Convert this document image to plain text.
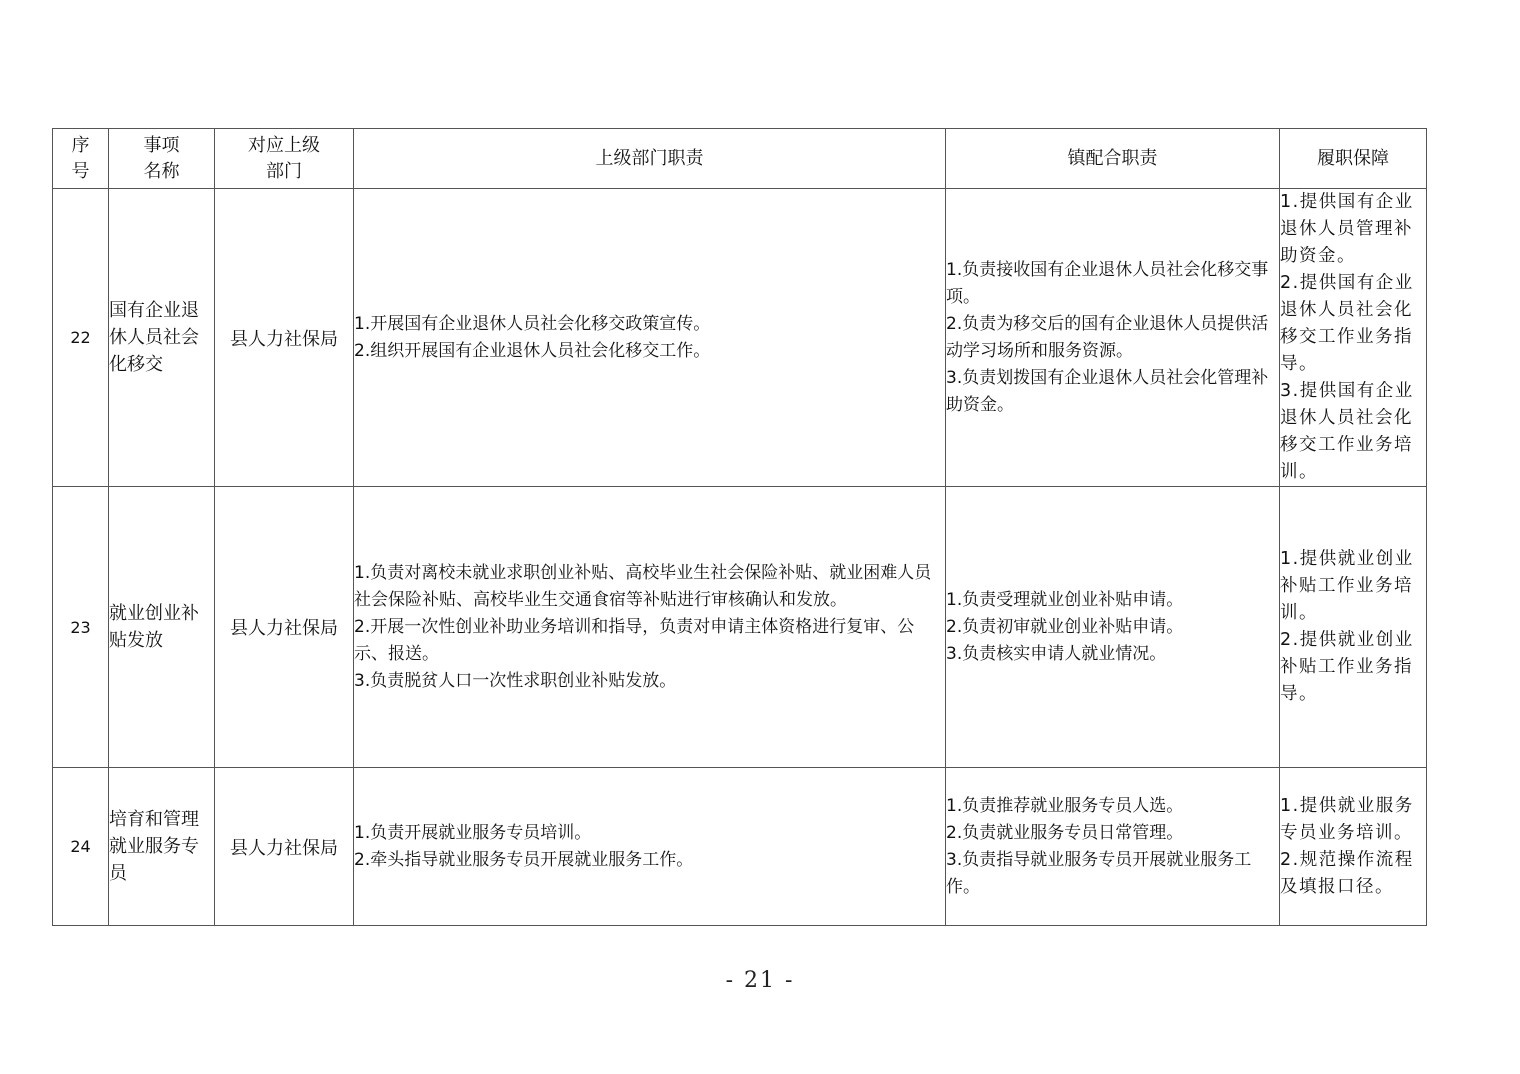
序
号	事项
名称	对应上级
部门	上级部门职责	镇配合职责	履职保障
22	国有企业退休人员社会化移交	县人力社保局	1.开展国有企业退休人员社会化移交政策宣传。
2.组织开展国有企业退休人员社会化移交工作。	1.负责接收国有企业退休人员社会化移交事项。
2.负责为移交后的国有企业退休人员提供活动学习场所和服务资源。
3.负责划拨国有企业退休人员社会化管理补助资金。	1.提供国有企业退休人员管理补助资金。
2.提供国有企业退休人员社会化移交工作业务指导。
3.提供国有企业退休人员社会化移交工作业务培训。

23	就业创业补贴发放	县人力社保局	1.负责对离校未就业求职创业补贴、高校毕业生社会保险补贴、就业困难人员社会保险补贴、高校毕业生交通食宿等补贴进行审核确认和发放。
2.开展一次性创业补助业务培训和指导，负责对申请主体资格进行复审、公示、报送。
3.负责脱贫人口一次性求职创业补贴发放。	1.负责受理就业创业补贴申请。
2.负责初审就业创业补贴申请。
3.负责核实申请人就业情况。	1.提供就业创业补贴工作业务培训。
2.提供就业创业补贴工作业务指导。

24	培育和管理就业服务专员	县人力社保局	1.负责开展就业服务专员培训。
2.牵头指导就业服务专员开展就业服务工作。	1.负责推荐就业服务专员人选。
2.负责就业服务专员日常管理。
3.负责指导就业服务专员开展就业服务工作。	1.提供就业服务专员业务培训。
2.规范操作流程及填报口径。
- 21 -
